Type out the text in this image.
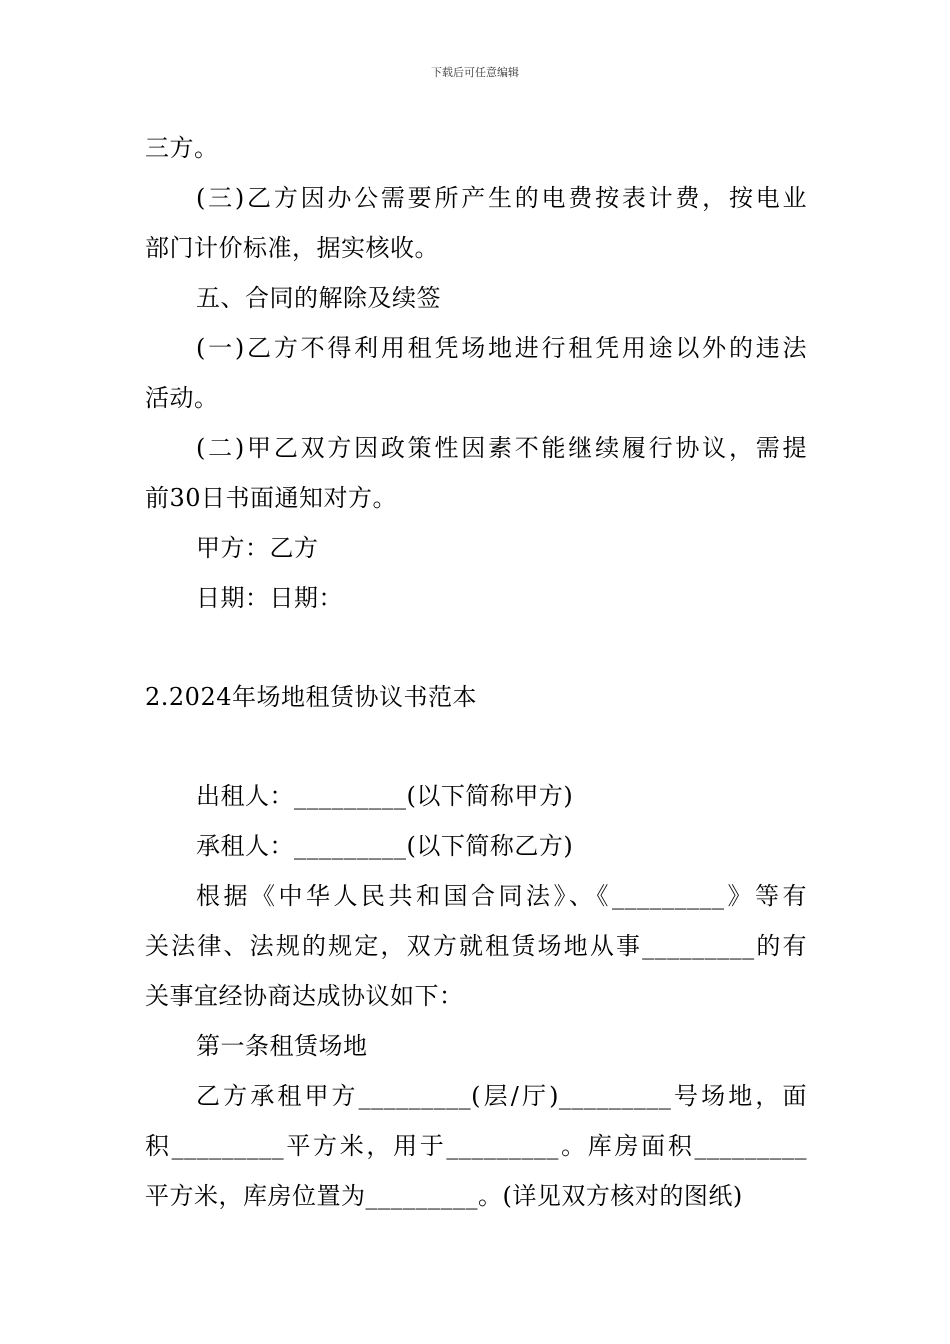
下载后可任意编辑
三方。
(三)乙方因办公需要所产生的电费按表计费，按电业
部门计价标准，据实核收。
五、合同的解除及续签
(一)乙方不得利用租凭场地进行租凭用途以外的违法
活动。
(二)甲乙双方因政策性因素不能继续履行协议，需提
前30日书面通知对方。
甲方：乙方
日期：日期：
2.2024年场地租赁协议书范本
出租人：_________(以下简称甲方)
承租人：_________(以下简称乙方)
根据《中华人民共和国合同法》、《_________》等有
关法律、法规的规定，双方就租赁场地从事_________的有
关事宜经协商达成协议如下：
第一条租赁场地
乙方承租甲方_________(层/厅)_________号场地，面
积_________平方米，用于_________。库房面积_________
平方米，库房位置为_________。(详见双方核对的图纸)
